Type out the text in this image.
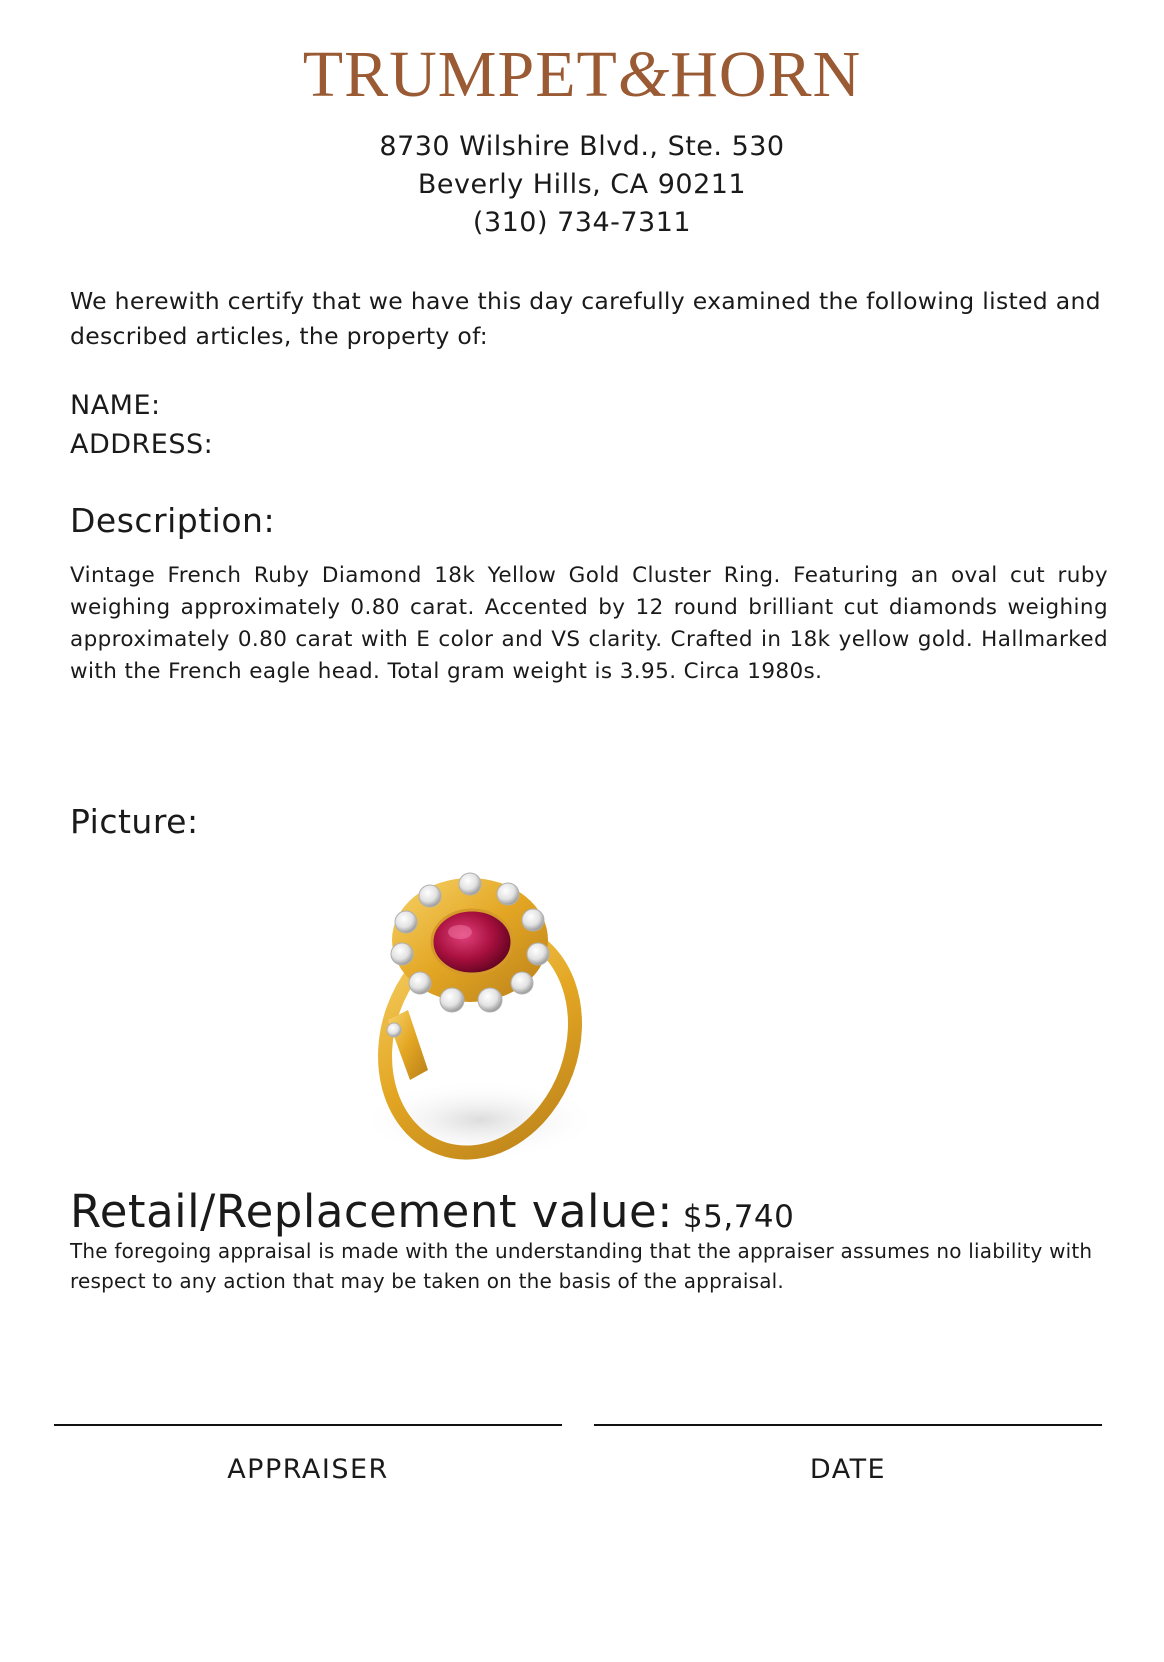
TRUMPET&HORN
8730 Wilshire Blvd., Ste. 530
Beverly Hills, CA 90211
(310) 734-7311
We herewith certify that we have this day carefully examined the following listed and described articles, the property of:
NAME:
ADDRESS:
Description:
Vintage French Ruby Diamond 18k Yellow Gold Cluster Ring. Featuring an oval cut ruby weighing approximately 0.80 carat. Accented by 12 round brilliant cut diamonds weighing approximately 0.80 carat with E color and VS clarity. Crafted in 18k yellow gold. Hallmarked with the French eagle head. Total gram weight is 3.95. Circa 1980s.
Picture:
Retail/Replacement value: $5,740
The foregoing appraisal is made with the understanding that the appraiser assumes no liability with respect to any action that may be taken on the basis of the appraisal.
APPRAISER	DATE
